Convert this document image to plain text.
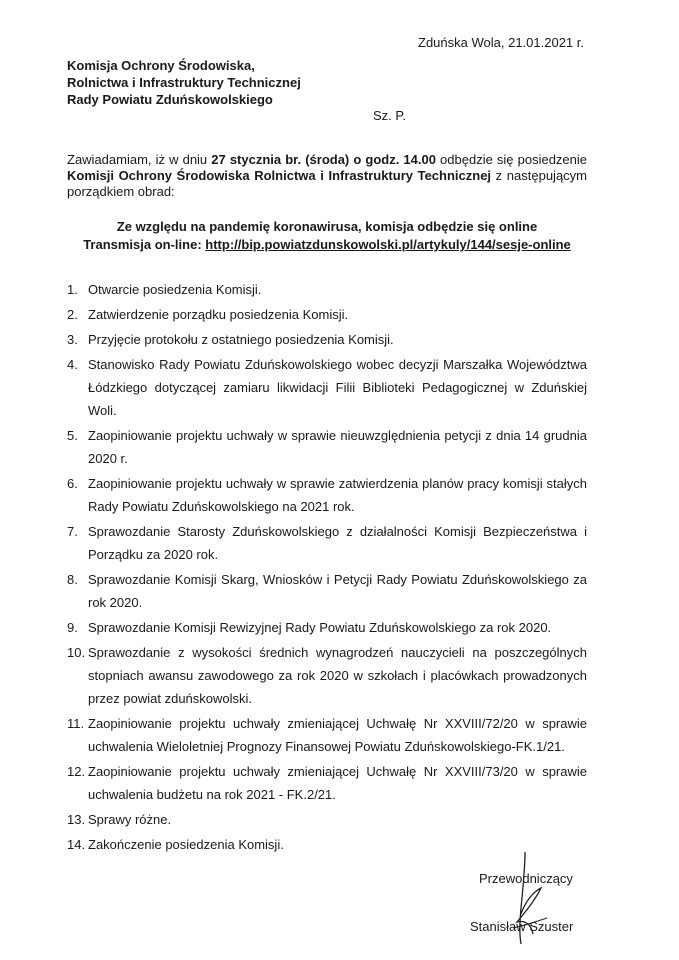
Zduńska Wola, 21.01.2021 r.
Komisja Ochrony Środowiska,
Rolnictwa i Infrastruktury Technicznej
Rady Powiatu Zduńskowolskiego
Sz. P.
Zawiadamiam, iż w dniu 27 stycznia br. (środa) o godz. 14.00 odbędzie się posiedzenie Komisji Ochrony Środowiska Rolnictwa i Infrastruktury Technicznej z następującym porządkiem obrad:
Ze względu na pandemię koronawirusa, komisja odbędzie się online
Transmisja on-line: http://bip.powiatzdunskowolski.pl/artykuly/144/sesje-online
1. Otwarcie posiedzenia Komisji.
2. Zatwierdzenie porządku posiedzenia Komisji.
3. Przyjęcie protokołu z ostatniego posiedzenia Komisji.
4. Stanowisko Rady Powiatu Zduńskowolskiego wobec decyzji Marszałka Województwa Łódzkiego dotyczącej zamiaru likwidacji Filii Biblioteki Pedagogicznej w Zduńskiej Woli.
5. Zaopiniowanie projektu uchwały w sprawie nieuwzględnienia petycji z dnia 14 grudnia 2020 r.
6. Zaopiniowanie projektu uchwały w sprawie zatwierdzenia planów pracy komisji stałych Rady Powiatu Zduńskowolskiego na 2021 rok.
7. Sprawozdanie Starosty Zduńskowolskiego z działalności Komisji Bezpieczeństwa i Porządku za 2020 rok.
8. Sprawozdanie Komisji Skarg, Wniosków i Petycji Rady Powiatu Zduńskowolskiego za rok 2020.
9. Sprawozdanie Komisji Rewizyjnej Rady Powiatu Zduńskowolskiego za rok 2020.
10. Sprawozdanie z wysokości średnich wynagrodzeń nauczycieli na poszczególnych stopniach awansu zawodowego za rok 2020 w szkołach i placówkach prowadzonych przez powiat zduńskowolski.
11. Zaopiniowanie projektu uchwały zmieniającej Uchwałę Nr XXVIII/72/20 w sprawie uchwalenia Wieloletniej Prognozy Finansowej Powiatu Zduńskowolskiego-FK.1/21.
12. Zaopiniowanie projektu uchwały zmieniającej Uchwałę Nr XXVIII/73/20 w sprawie uchwalenia budżetu na rok 2021 - FK.2/21.
13. Sprawy różne.
14. Zakończenie posiedzenia Komisji.
Przewodniczący
Stanisław Szuster
